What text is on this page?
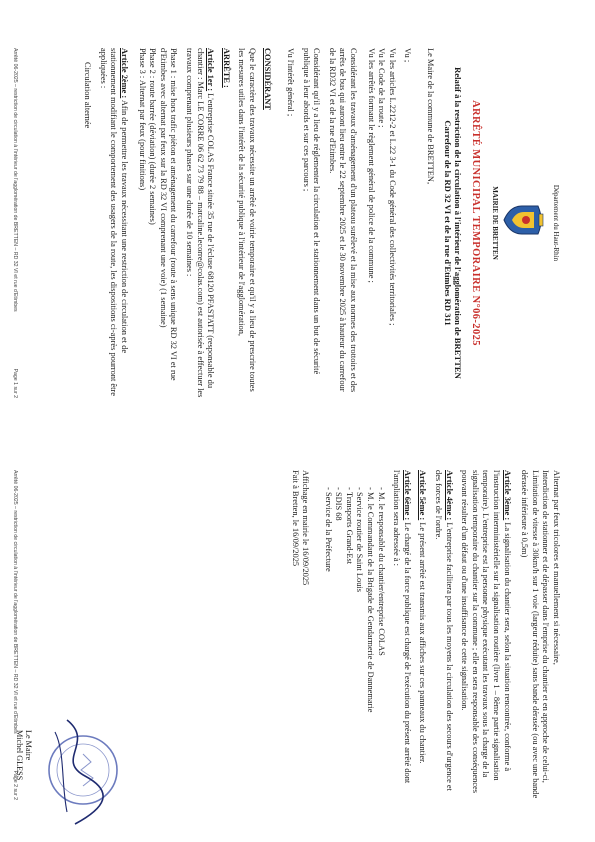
Département du Haut-Rhin
MAIRIE DE BRETTEN
ARRÊTÉ MUNICIPAL TEMPORAIRE N°06-2025
Relatif à la restriction de la circulation à l'intérieur de l'agglomération de BRETTEN
Carrefour de la RD 32 VI et de la rue d'Etimbes RD 311

Le Maire de la commune de BRETTEN,

Vu ;

Vu les articles L.2212-2 et L.22 3-1 du Code général des collectivités territoriales ;
Vu le Code de la route ;
Vu les arrêtés formant le règlement général de police de la commune ;

Considérant les travaux d'aménagement d'un plateau surélevé et la mise aux normes des trottoirs et des arrêts de bus qui auront lieu entre le 22 septembre 2025 et le 30 novembre 2025 à hauteur du carrefour de la RD32 VI et de la rue d'Etimbes.

Considérant qu'il y a lieu de réglementer la circulation et le stationnement dans un but de sécurité publique à leur abords et sur ces parcours ;

Vu l'intérêt général ;

CONSIDÉRANT

Que le caractère des travaux nécessite un arrêté de voirie temporaire et qu'il y a lieu de prescrire toutes les mesures utiles dans l'intérêt de la sécurité publique à l'intérieur de l'agglomération,

ARRÊTE :

Article 1er : L'entreprise COLAS France située 35 rue de l'écluse 68120 PFASTATT (responsable du chantier : Marc LE CORRE 06 62 73 79 88 – marcaline.lecorre@colas.com) est autorisée à effectuer les travaux comprenant plusieurs phases sur une durée de 10 semaines :

Phase 1 : mise hors trafic piéton et aménagement du carrefour (route à sens unique RD 32 VI et rue d'Etimbes avec alternat par feux sur la RD 32 VI comprenant une voie) (1 semaine)
Phase 2 : route barrée (déviation) (durée 2 semaines)
Phase 3 : Alternat par feux (pour finitions)

Article 2ème : Afin de permettre les travaux nécessitant une restriction de circulation et de stationnement modifiant le comportement des usagers de la route, les dispositions ci-après pourront être appliquées :

Circulation alternée
Alternat par feux tricolores et manuellement si nécessaire,
Interdiction de stationner et de dépasser dans l'emprise du chantier et en approche de celui-ci,
Limitation de vitesse à 30km/h sur 1 voie (largeur réduite) sans bande dérasée (ou avec une bande dérasée inférieure à 0,5m)

Article 3ème : La signalisation du chantier sera, selon la situation rencontrée, conforme à l'instruction interministérielle sur la signalisation routière (livre 1 – 8ème partie signalisation temporaire). L'entreprise est la personne physique exécutant les travaux sous la charge de la signalisation temporaire du chantier sur la commune ; elle en sera responsable des conséquences pouvant résulter d'un défaut ou d'une insuffisance de cette signalisation.

Article 4ème : L'entreprise facilitera par tous les moyens la circulation des secours d'urgence et des forces de l'ordre.

Article 5ème : Le présent arrêté est transmis aux affiches sur ces panneaux du chantier.

Article 6ème : Le chargé de la force publique est chargé de l'exécution du présent arrêté dont l'ampliation sera adressée à :

- M. le responsable du chantier/entreprise COLAS
- M. le Commandant de la Brigade de Gendarmerie de Dannemarie
- Service routier de Saint Louis
- Transports Grand-Est
- SDIS 68
- Service de la Préfecture
Affichage en mairie le 16/09/2025
Fait à Bretten, le 16/09/2025
Le Maire
Michel GLESS
Arrêté 06-2025 – restriction de circulation à l'intérieur de l'agglomération de BRETTEN – RD 32 VI et rue d'Etimbes
Page 1 sur 2
Arrêté 06-2025 – restriction de circulation à l'intérieur de l'agglomération de BRETTEN – RD 32 VI et rue d'Etimbes
Page 2 sur 2
